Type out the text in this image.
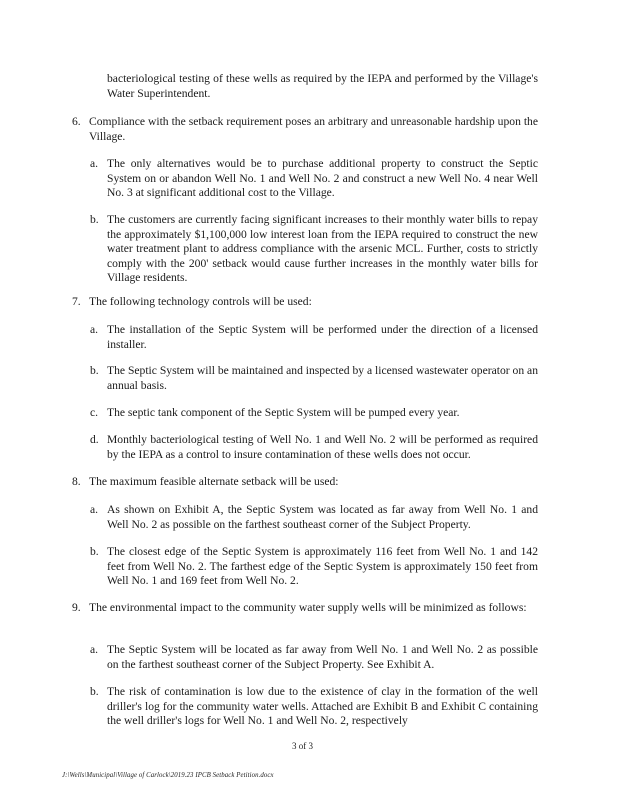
bacteriological testing of these wells as required by the IEPA and performed by the Village's Water Superintendent.

6. Compliance with the setback requirement poses an arbitrary and unreasonable hardship upon the Village.

a. The only alternatives would be to purchase additional property to construct the Septic System on or abandon Well No. 1 and Well No. 2 and construct a new Well No. 4 near Well No. 3 at significant additional cost to the Village.

b. The customers are currently facing significant increases to their monthly water bills to repay the approximately $1,100,000 low interest loan from the IEPA required to construct the new water treatment plant to address compliance with the arsenic MCL. Further, costs to strictly comply with the 200' setback would cause further increases in the monthly water bills for Village residents.

7. The following technology controls will be used:

a. The installation of the Septic System will be performed under the direction of a licensed installer.

b. The Septic System will be maintained and inspected by a licensed wastewater operator on an annual basis.

c. The septic tank component of the Septic System will be pumped every year.

d. Monthly bacteriological testing of Well No. 1 and Well No. 2 will be performed as required by the IEPA as a control to insure contamination of these wells does not occur.

8. The maximum feasible alternate setback will be used:

a. As shown on Exhibit A, the Septic System was located as far away from Well No. 1 and Well No. 2 as possible on the farthest southeast corner of the Subject Property.

b. The closest edge of the Septic System is approximately 116 feet from Well No. 1 and 142 feet from Well No. 2. The farthest edge of the Septic System is approximately 150 feet from Well No. 1 and 169 feet from Well No. 2.

9. The environmental impact to the community water supply wells will be minimized as follows:

a. The Septic System will be located as far away from Well No. 1 and Well No. 2 as possible on the farthest southeast corner of the Subject Property. See Exhibit A.

b. The risk of contamination is low due to the existence of clay in the formation of the well driller's log for the community water wells. Attached are Exhibit B and Exhibit C containing the well driller's logs for Well No. 1 and Well No. 2, respectively

3 of 3
J:\Wells\Municipal\Village of Carlock\2019.23 IPCB Setback Petition.docx
